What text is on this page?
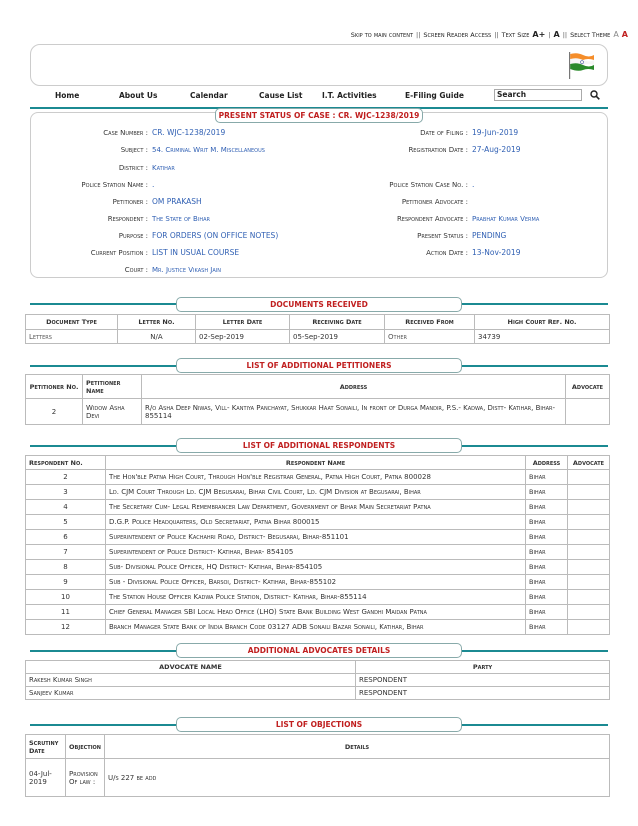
Skip to main content || Screen Reader Access || Text Size A+ | A || Select Theme A A
Home	About Us	Calendar	Cause List	I.T. Activities	E-Filing Guide	Search
PRESENT STATUS OF CASE : CR. WJC-1238/2019
Case Number : CR. WJC-1238/2019	Date of Filing : 19-Jun-2019
Subject : 54. Criminal Writ M. Miscellaneous	Registration Date : 27-Aug-2019
District : Katihar
Police Station Name : .	Police Station Case No. : .
Petitioner : OM PRAKASH	Petitioner Advocate :
Respondent : The State of Bihar	Respondent Advocate : Prabhat Kumar Verma
Purpose : FOR ORDERS (ON OFFICE NOTES)	Present Status : PENDING
Current Position : LIST IN USUAL COURSE	Action Date : 13-Nov-2019
Court : Mr. Justice Vikash Jain
DOCUMENTS RECEIVED
Document Type	Letter No.	Letter Date	Receiving Date	Received From	High Court Ref. No.
Letters	N/A	02-Sep-2019	05-Sep-2019	Other	34739
LIST OF ADDITIONAL PETITIONERS
Petitioner No.	Petitioner Name	Address	Advocate
2	Widow Asha Devi	R/o Asha Deep Niwas, Vill- Kantiya Panchayat, Shukkar Haat Sonaili, In front of Durga Mandir, P.S.- Kadwa, Distt- Katihar, Bihar-855114	
LIST OF ADDITIONAL RESPONDENTS
Respondent No.	Respondent Name	Address	Advocate
2	The Hon'ble Patna High Court, Through Hon'ble Registrar General, Patna High Court, Patna 800028	Bihar	
3	Ld. CJM Court Through Ld. CJM Begusarai, Bihar Civil Court, Ld. CJM Division at Begusarai, Bihar	Bihar	
4	The Secretary Cum- Legal Remembrancer Law Department, Government of Bihar Main Secretariat Patna	Bihar	
5	D.G.P. Police Headquarters, Old Secretariat, Patna Bihar 800015	Bihar	
6	Superintendent of Police Kachahri Road, District- Begusarai, Bihar-851101	Bihar	
7	Superintendent of Police District- Katihar, Bihar- 854105	Bihar	
8	Sub- Divisional Police Officer, HQ District- Katihar, Bihar-854105	Bihar	
9	Sub - Divisional Police Officer, Barsoi, District- Katihar, Bihar-855102	Bihar	
10	The Station House Officer Kadwa Police Station, District- Katihar, Bihar-855114	Bihar	
11	Chief General Manager SBI Local Head Office (LHO) State Bank Building West Gandhi Maidan Patna	Bihar	
12	Branch Manager State Bank of India Branch Code 03127 ADB Sonaili Bazar Sonaili, Katihar, Bihar	Bihar	
ADDITIONAL ADVOCATES DETAILS
ADVOCATE NAME	Party
Rakesh Kumar Singh	RESPONDENT
Sanjeev Kumar	RESPONDENT
LIST OF OBJECTIONS
Scrutiny Date	Objection	Details
04-Jul-2019	Provision Of law :	U/s 227 be add
